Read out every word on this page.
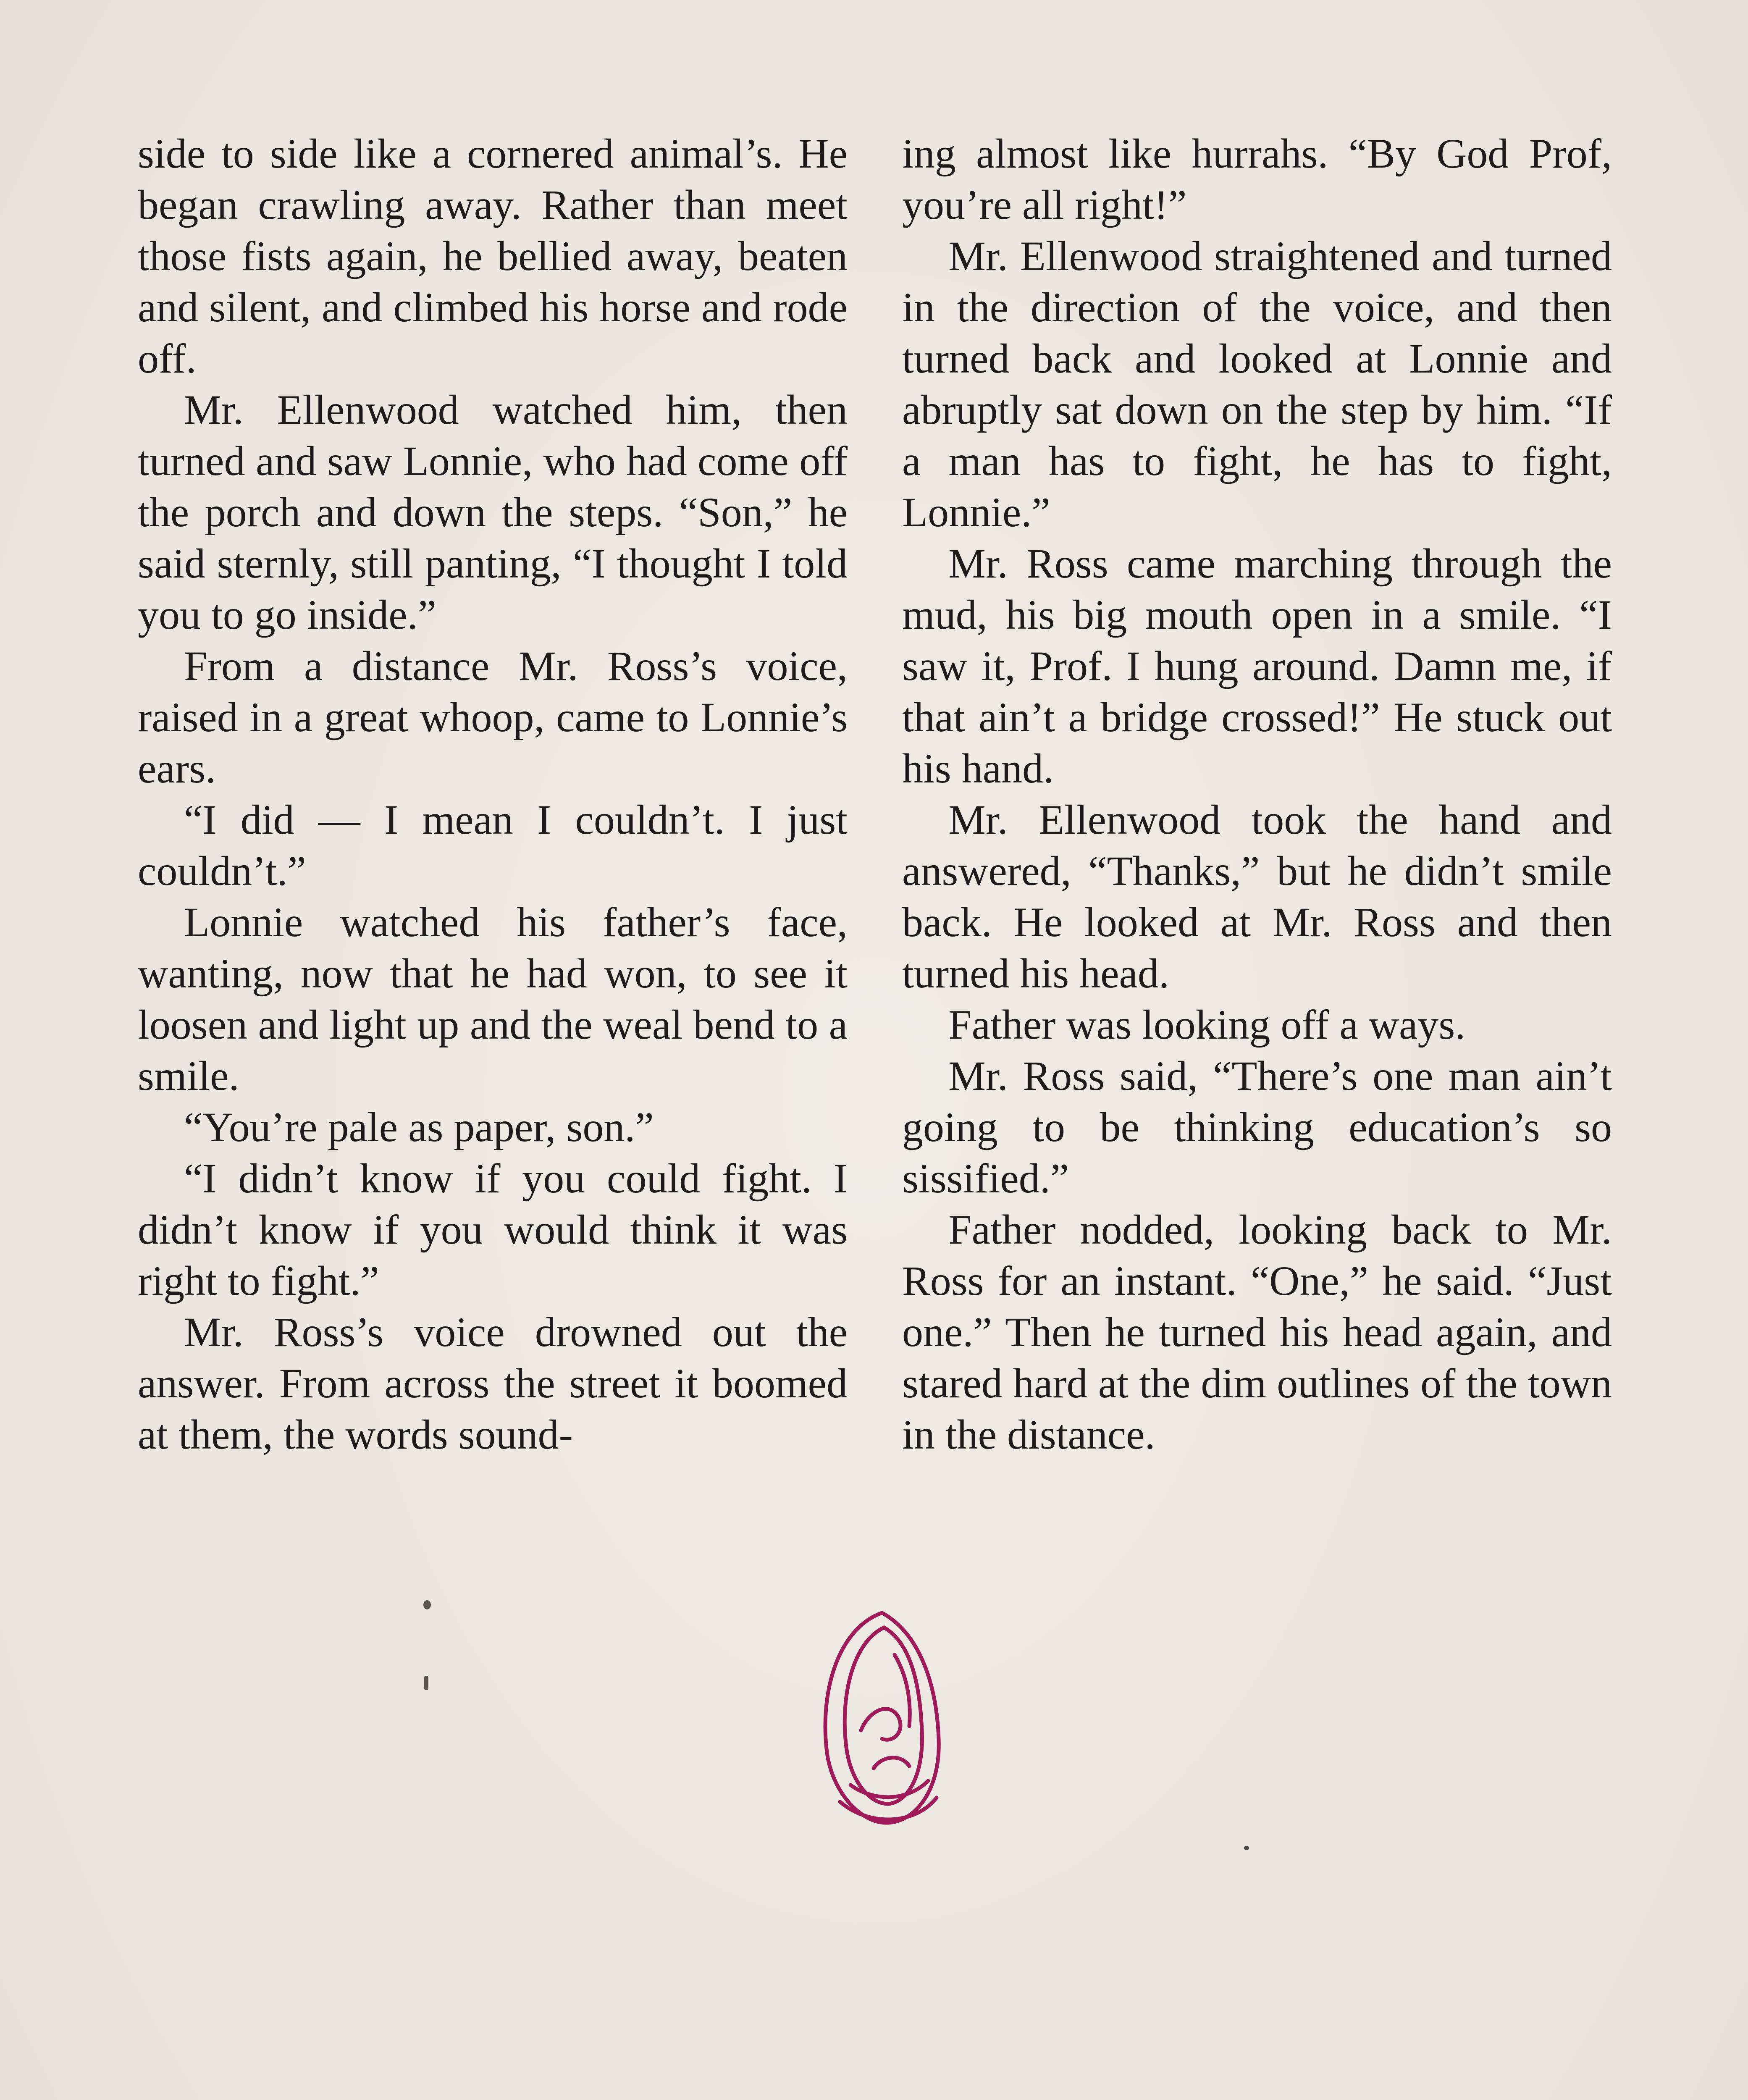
side to side like a cornered animal’s. He began crawling away. Rather than meet those fists again, he bellied away, beaten and silent, and climbed his horse and rode off.

Mr. Ellenwood watched him, then turned and saw Lonnie, who had come off the porch and down the steps. “Son,” he said sternly, still panting, “I thought I told you to go inside.”

From a distance Mr. Ross’s voice, raised in a great whoop, came to Lonnie’s ears.

“I did — I mean I couldn’t. I just couldn’t.”

Lonnie watched his father’s face, wanting, now that he had won, to see it loosen and light up and the weal bend to a smile.

“You’re pale as paper, son.”

“I didn’t know if you could fight. I didn’t know if you would think it was right to fight.”

Mr. Ross’s voice drowned out the answer. From across the street it boomed at them, the words sound-

ing almost like hurrahs. “By God Prof, you’re all right!”

Mr. Ellenwood straightened and turned in the direction of the voice, and then turned back and looked at Lonnie and abruptly sat down on the step by him. “If a man has to fight, he has to fight, Lonnie.”

Mr. Ross came marching through the mud, his big mouth open in a smile. “I saw it, Prof. I hung around. Damn me, if that ain’t a bridge crossed!” He stuck out his hand.

Mr. Ellenwood took the hand and answered, “Thanks,” but he didn’t smile back. He looked at Mr. Ross and then turned his head.

Father was looking off a ways.

Mr. Ross said, “There’s one man ain’t going to be thinking education’s so sissified.”

Father nodded, looking back to Mr. Ross for an instant. “One,” he said. “Just one.” Then he turned his head again, and stared hard at the dim outlines of the town in the distance.
